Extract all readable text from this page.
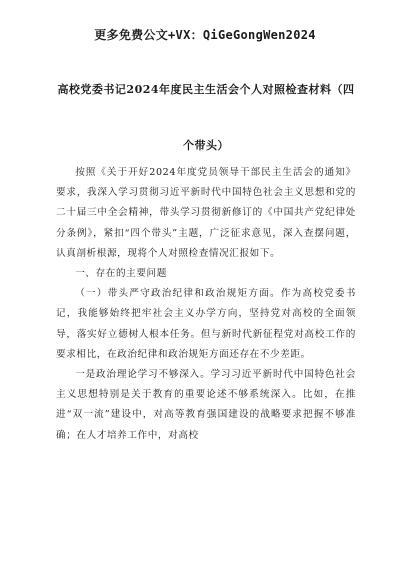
更多免费公文+VX：QiGeGongWen2024
高校党委书记2024年度民主生活会个人对照检查材料（四个带头）

按照《关于开好2024年度党员领导干部民主生活会的通知》要求，我深入学习贯彻习近平新时代中国特色社会主义思想和党的二十届三中全会精神，带头学习贯彻新修订的《中国共产党纪律处分条例》，紧扣“四个带头”主题，广泛征求意见，深入查摆问题，认真剖析根源，现将个人对照检查情况汇报如下。

一、存在的主要问题

（一）带头严守政治纪律和政治规矩方面。作为高校党委书记，我能够始终把牢社会主义办学方向，坚持党对高校的全面领导，落实好立德树人根本任务。但与新时代新征程党对高校工作的要求相比，在政治纪律和政治规矩方面还存在不少差距。

一是政治理论学习不够深入。学习习近平新时代中国特色社会主义思想特别是关于教育的重要论述不够系统深入。比如，在推进“双一流”建设中，对高等教育强国建设的战略要求把握不够准确；在人才培养工作中，对高校
